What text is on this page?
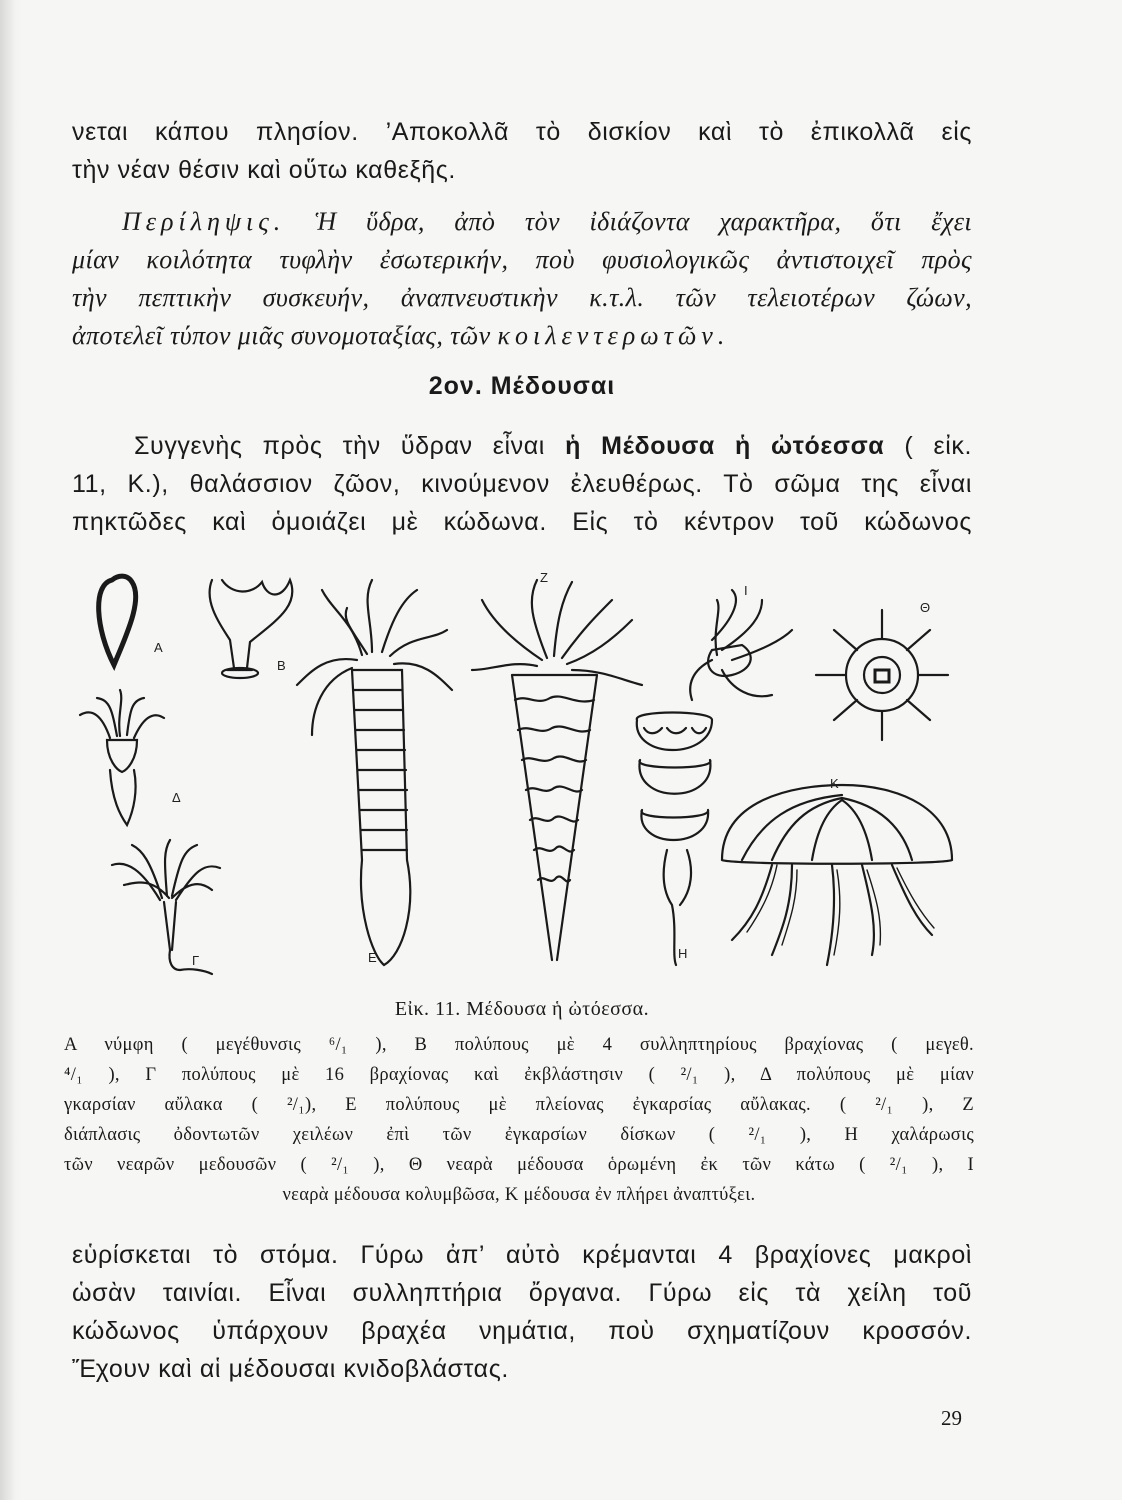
νεται κάπου πλησίον. ’Αποκολλᾶ τὸ δισκίον καὶ τὸ ἐπικολλᾶ εἰς

τὴν νέαν θέσιν καὶ οὕτω καθεξῆς.

Περίληψις. Ἡ ὕδρα, ἀπὸ τὸν ἰδιάζοντα χαρακτῆρα, ὅτι ἔχει

μίαν κοιλότητα τυφλὴν ἐσωτερικήν, ποὺ φυσιολογικῶς ἀντιστοιχεῖ πρὸς

τὴν πεπτικὴν συσκευήν, ἀναπνευστικὴν κ.τ.λ. τῶν τελειοτέρων ζώων,

ἀποτελεῖ τύπον μιᾶς συνομοταξίας, τῶν κοιλεντερωτῶν.

2ον. Μέδουσαι

Συγγενὴς πρὸς τὴν ὕδραν εἶναι ἡ Μέδουσα ἡ ὠτόεσσα ( εἰκ.

11, Κ.), θαλάσσιον ζῶον, κινούμενον ἐλευθέρως. Τὸ σῶμα της εἶναι

πηκτῶδες καὶ ὁμοιάζει μὲ κώδωνα. Εἰς τὸ κέντρον τοῦ κώδωνος

Α
Β
Δ
Γ	Ε
Ζ
Η
Ι
Θ
Κ
Εἰκ. 11. Μέδουσα ἡ ὠτόεσσα.

Α νύμφη ( μεγέθυνσις ⁶/₁ ), Β πολύπους μὲ 4 συλληπτηρίους βραχίονας ( μεγεθ.

⁴/₁ ), Γ πολύπους μὲ 16 βραχίονας καὶ ἐκβλάστησιν ( ²/₁ ), Δ πολύπους μὲ μίαν

γκαρσίαν αὔλακα ( ²/₁), Ε πολύπους μὲ πλείονας ἐγκαρσίας αὔλακας. ( ²/₁ ), Ζ

διάπλασις ὀδοντωτῶν χειλέων ἐπὶ τῶν ἐγκαρσίων δίσκων ( ²/₁ ), Η χαλάρωσις

τῶν νεαρῶν μεδουσῶν ( ²/₁ ), Θ νεαρὰ μέδουσα ὁρωμένη ἐκ τῶν κάτω ( ²/₁ ), Ι

νεαρὰ μέδουσα κολυμβῶσα, Κ μέδουσα ἐν πλήρει ἀναπτύξει.

εὑρίσκεται τὸ στόμα. Γύρω ἀπ’ αὐτὸ κρέμανται 4 βραχίονες μακροὶ

ὡσὰν ταινίαι. Εἶναι συλληπτήρια ὄργανα. Γύρω εἰς τὰ χείλη τοῦ

κώδωνος ὑπάρχουν βραχέα νημάτια, ποὺ σχηματίζουν κροσσόν.

Ἔχουν καὶ αἱ μέδουσαι κνιδοβλάστας.

29
